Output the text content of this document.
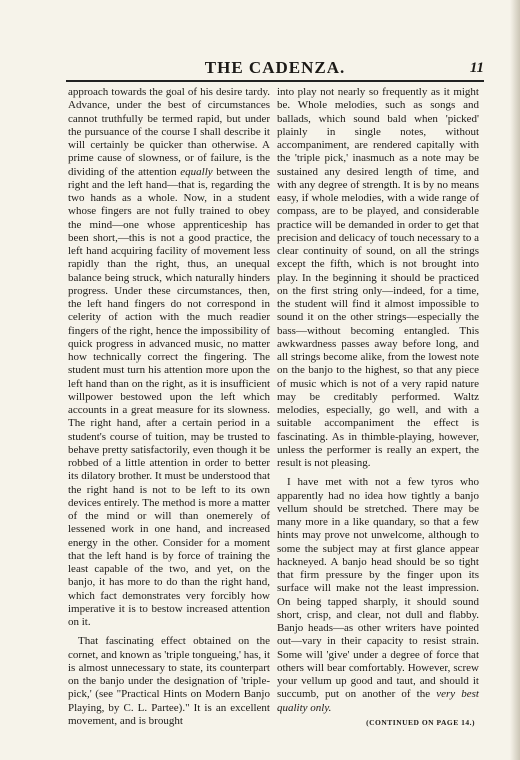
THE CADENZA.	11

approach towards the goal of his desire tardy. Advance, under the best of circumstances cannot truthfully be termed rapid, but under the pursuance of the course I shall describe it will certainly be quicker than otherwise. A prime cause of slowness, or of failure, is the dividing of the attention equally between the right and the left hand—that is, regarding the two hands as a whole. Now, in a student whose fingers are not fully trained to obey the mind—one whose apprenticeship has been short,—this is not a good practice, the left hand acquiring facility of movement less rapidly than the right, thus, an unequal balance being struck, which naturally hinders progress. Under these circumstances, then, the left hand fingers do not correspond in celerity of action with the much readier fingers of the right, hence the impossibility of quick progress in advanced music, no matter how technically correct the fingering. The student must turn his attention more upon the left hand than on the right, as it is insufficient willpower bestowed upon the left which accounts in a great measure for its slowness. The right hand, after a certain period in a student's course of tuition, may be trusted to behave pretty satisfactorily, even though it be robbed of a little attention in order to better its dilatory brother. It must be understood that the right hand is not to be left to its own devices entirely. The method is more a matter of the mind or will than onemerely of lessened work in one hand, and increased energy in the other. Consider for a moment that the left hand is by force of training the least capable of the two, and yet, on the banjo, it has more to do than the right hand, which fact demonstrates very forcibly how imperative it is to bestow increased attention on it.

That fascinating effect obtained on the cornet, and known as 'triple tongueing,' has, it is almost unnecessary to state, its counterpart on the banjo under the designation of 'triple-pick,' (see "Practical Hints on Modern Banjo Playing, by C. L. Partee)." It is an excellent movement, and is brought

into play not nearly so frequently as it might be. Whole melodies, such as songs and ballads, which sound bald when 'picked' plainly in single notes, without accompaniment, are rendered capitally with the 'triple pick,' inasmuch as a note may be sustained any desired length of time, and with any degree of strength. It is by no means easy, if whole melodies, with a wide range of compass, are to be played, and considerable practice will be demanded in order to get that precision and delicacy of touch necessary to a clear continuity of sound, on all the strings except the fifth, which is not brought into play. In the beginning it should be practiced on the first string only—indeed, for a time, the student will find it almost impossible to sound it on the other strings—especially the bass—without becoming entangled. This awkwardness passes away before long, and all strings become alike, from the lowest note on the banjo to the highest, so that any piece of music which is not of a very rapid nature may be creditably performed. Waltz melodies, especially, go well, and with a suitable accompaniment the effect is fascinating. As in thimble-playing, however, unless the performer is really an expert, the result is not pleasing.

I have met with not a few tyros who apparently had no idea how tightly a banjo vellum should be stretched. There may be many more in a like quandary, so that a few hints may prove not unwelcome, although to some the subject may at first glance appear hackneyed. A banjo head should be so tight that firm pressure by the finger upon its surface will make not the least impression. On being tapped sharply, it should sound short, crisp, and clear, not dull and flabby. Banjo heads—as other writers have pointed out—vary in their capacity to resist strain. Some will 'give' under a degree of force that others will bear comfortably. However, screw your vellum up good and taut, and should it succumb, put on another of the very best quality only.

(CONTINUED ON PAGE 14.)
